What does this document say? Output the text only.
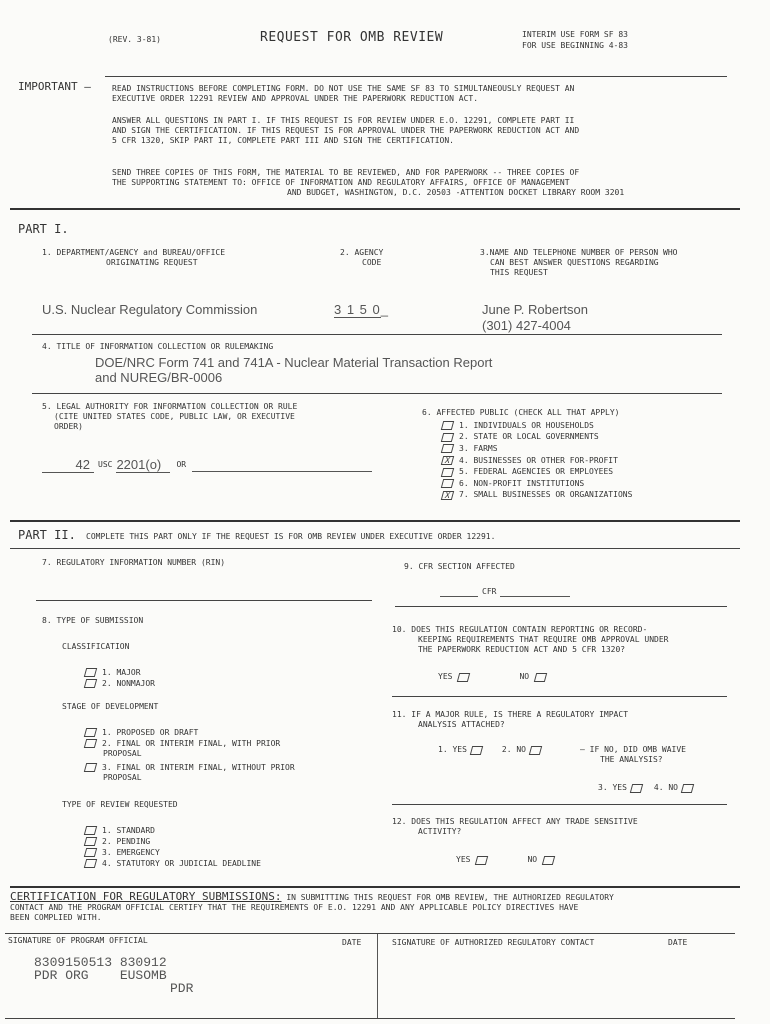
(REV. 3-81)	REQUEST FOR OMB REVIEW	INTERIM USE FORM SF 83
FOR USE BEGINNING 4-83
IMPORTANT —	READ INSTRUCTIONS BEFORE COMPLETING FORM. DO NOT USE THE SAME SF 83 TO SIMULTANEOUSLY REQUEST AN
EXECUTIVE ORDER 12291 REVIEW AND APPROVAL UNDER THE PAPERWORK REDUCTION ACT.
ANSWER ALL QUESTIONS IN PART I. IF THIS REQUEST IS FOR REVIEW UNDER E.O. 12291, COMPLETE PART II
AND SIGN THE CERTIFICATION. IF THIS REQUEST IS FOR APPROVAL UNDER THE PAPERWORK REDUCTION ACT AND
5 CFR 1320, SKIP PART II, COMPLETE PART III AND SIGN THE CERTIFICATION.
SEND THREE COPIES OF THIS FORM, THE MATERIAL TO BE REVIEWED, AND FOR PAPERWORK -- THREE COPIES OF
THE SUPPORTING STATEMENT TO: OFFICE OF INFORMATION AND REGULATORY AFFAIRS, OFFICE OF MANAGEMENT
AND BUDGET, WASHINGTON, D.C. 20503 -ATTENTION DOCKET LIBRARY ROOM 3201
PART I.
1. DEPARTMENT/AGENCY and BUREAU/OFFICE
ORIGINATING REQUEST
2. AGENCY
CODE
3.NAME AND TELEPHONE NUMBER OF PERSON WHO
CAN BEST ANSWER QUESTIONS REGARDING
THIS REQUEST
U.S. Nuclear Regulatory Commission	3 1 5 0_	June P. Robertson
(301) 427-4004
4. TITLE OF INFORMATION COLLECTION OR RULEMAKING
DOE/NRC Form 741 and 741A - Nuclear Material Transaction Report
and NUREG/BR-0006
5. LEGAL AUTHORITY FOR INFORMATION COLLECTION OR RULE
(CITE UNITED STATES CODE, PUBLIC LAW, OR EXECUTIVE
ORDER)
42	USC 2201(o)	OR
6. AFFECTED PUBLIC (CHECK ALL THAT APPLY)
1. INDIVIDUALS OR HOUSEHOLDS
2. STATE OR LOCAL GOVERNMENTS
3. FARMS
X 4. BUSINESSES OR OTHER FOR-PROFIT
5. FEDERAL AGENCIES OR EMPLOYEES
6. NON-PROFIT INSTITUTIONS
X 7. SMALL BUSINESSES OR ORGANIZATIONS
PART II. COMPLETE THIS PART ONLY IF THE REQUEST IS FOR OMB REVIEW UNDER EXECUTIVE ORDER 12291.
7. REGULATORY INFORMATION NUMBER (RIN)	9. CFR SECTION AFFECTED
CFR
8. TYPE OF SUBMISSION
CLASSIFICATION
1. MAJOR
2. NONMAJOR
STAGE OF DEVELOPMENT
1. PROPOSED OR DRAFT
2. FINAL OR INTERIM FINAL, WITH PRIOR
PROPOSAL
3. FINAL OR INTERIM FINAL, WITHOUT PRIOR
PROPOSAL
TYPE OF REVIEW REQUESTED
1. STANDARD
2. PENDING
3. EMERGENCY
4. STATUTORY OR JUDICIAL DEADLINE
10. DOES THIS REGULATION CONTAIN REPORTING OR RECORD-
KEEPING REQUIREMENTS THAT REQUIRE OMB APPROVAL UNDER
THE PAPERWORK REDUCTION ACT AND 5 CFR 1320?
YES	NO
11. IF A MAJOR RULE, IS THERE A REGULATORY IMPACT
ANALYSIS ATTACHED?
1. YES	2. NO	— IF NO, DID OMB WAIVE
THE ANALYSIS?
3. YES	4. NO
12. DOES THIS REGULATION AFFECT ANY TRADE SENSITIVE
ACTIVITY?
YES	NO
CERTIFICATION FOR REGULATORY SUBMISSIONS: IN SUBMITTING THIS REQUEST FOR OMB REVIEW, THE AUTHORIZED REGULATORY
CONTACT AND THE PROGRAM OFFICIAL CERTIFY THAT THE REQUIREMENTS OF E.O. 12291 AND ANY APPLICABLE POLICY DIRECTIVES HAVE
BEEN COMPLIED WITH.
SIGNATURE OF PROGRAM OFFICIAL	DATE	SIGNATURE OF AUTHORIZED REGULATORY CONTACT	DATE
8309150513 830912
PDR ORG    EUSOMB
PDR
